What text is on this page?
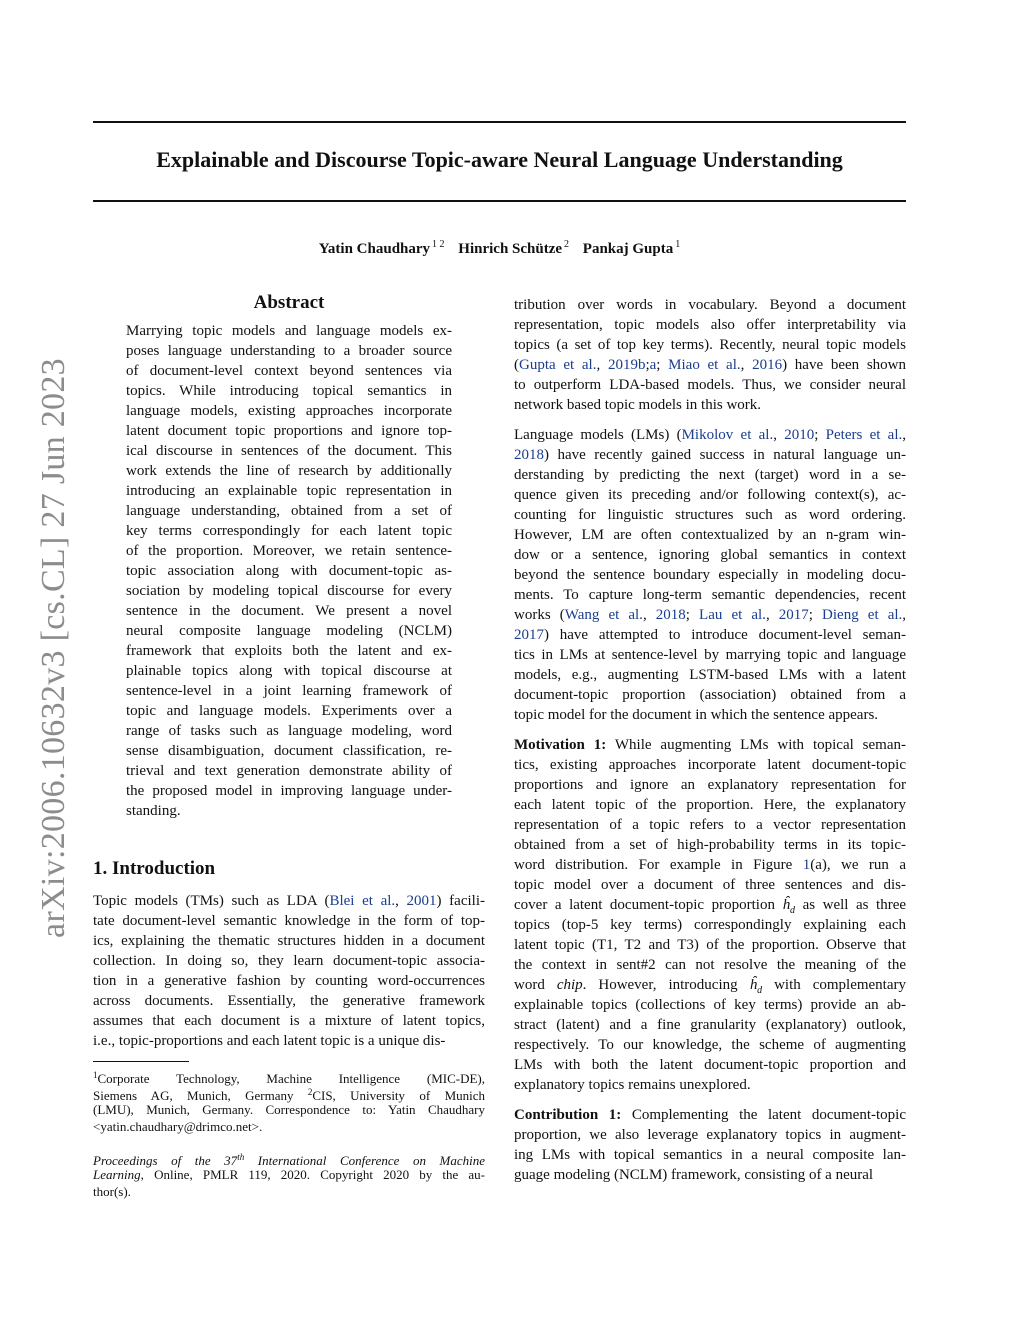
Explainable and Discourse Topic-aware Neural Language Understanding
Yatin Chaudhary $^{1 2}$ Hinrich Schütze $^2$ Pankaj Gupta $^1$
arXiv:2006.10632v3 [cs.CL] 27 Jun 2023
Abstract
Marrying topic models and language models ex-
poses language understanding to a broader source
of document-level context beyond sentences via
topics. While introducing topical semantics in
language models, existing approaches incorporate
latent document topic proportions and ignore top-
ical discourse in sentences of the document. This
work extends the line of research by additionally
introducing an explainable topic representation in
language understanding, obtained from a set of
key terms correspondingly for each latent topic
of the proportion. Moreover, we retain sentence-
topic association along with document-topic as-
sociation by modeling topical discourse for every
sentence in the document. We present a novel
neural composite language modeling (NCLM)
framework that exploits both the latent and ex-
plainable topics along with topical discourse at
sentence-level in a joint learning framework of
topic and language models. Experiments over a
range of tasks such as language modeling, word
sense disambiguation, document classification, re-
trieval and text generation demonstrate ability of
the proposed model in improving language under-
standing.
1. Introduction
Topic models (TMs) such as LDA (Blei et al., 2001) facili-
tate document-level semantic knowledge in the form of top-
ics, explaining the thematic structures hidden in a document
collection. In doing so, they learn document-topic associa-
tion in a generative fashion by counting word-occurrences
across documents. Essentially, the generative framework
assumes that each document is a mixture of latent topics,
i.e., topic-proportions and each latent topic is a unique dis-
$^1$Corporate Technology, Machine Intelligence (MIC-DE),
Siemens AG, Munich, Germany $^2$CIS, University of Munich
(LMU), Munich, Germany. Correspondence to: Yatin Chaudhary
<yatin.chaudhary@drimco.net>.
Proceedings of the 37th International Conference on Machine
Learning, Online, PMLR 119, 2020. Copyright 2020 by the au-
thor(s).
tribution over words in vocabulary. Beyond a document
representation, topic models also offer interpretability via
topics (a set of top key terms). Recently, neural topic models
(Gupta et al., 2019b;a; Miao et al., 2016) have been shown
to outperform LDA-based models. Thus, we consider neural
network based topic models in this work.
Language models (LMs) (Mikolov et al., 2010; Peters et al.,
2018) have recently gained success in natural language un-
derstanding by predicting the next (target) word in a se-
quence given its preceding and/or following context(s), ac-
counting for linguistic structures such as word ordering.
However, LM are often contextualized by an n-gram win-
dow or a sentence, ignoring global semantics in context
beyond the sentence boundary especially in modeling docu-
ments. To capture long-term semantic dependencies, recent
works (Wang et al., 2018; Lau et al., 2017; Dieng et al.,
2017) have attempted to introduce document-level seman-
tics in LMs at sentence-level by marrying topic and language
models, e.g., augmenting LSTM-based LMs with a latent
document-topic proportion (association) obtained from a
topic model for the document in which the sentence appears.
Motivation 1: While augmenting LMs with topical seman-
tics, existing approaches incorporate latent document-topic
proportions and ignore an explanatory representation for
each latent topic of the proportion. Here, the explanatory
representation of a topic refers to a vector representation
obtained from a set of high-probability terms in its topic-
word distribution. For example in Figure 1(a), we run a
topic model over a document of three sentences and dis-
cover a latent document-topic proportion $ĥ_d$ as well as three
topics (top-5 key terms) correspondingly explaining each
latent topic (T1, T2 and T3) of the proportion. Observe that
the context in sent#2 can not resolve the meaning of the
word chip. However, introducing $ĥ_d$ with complementary
explainable topics (collections of key terms) provide an ab-
stract (latent) and a fine granularity (explanatory) outlook,
respectively. To our knowledge, the scheme of augmenting
LMs with both the latent document-topic proportion and
explanatory topics remains unexplored.
Contribution 1: Complementing the latent document-topic
proportion, we also leverage explanatory topics in augment-
ing LMs with topical semantics in a neural composite lan-
guage modeling (NCLM) framework, consisting of a neural
